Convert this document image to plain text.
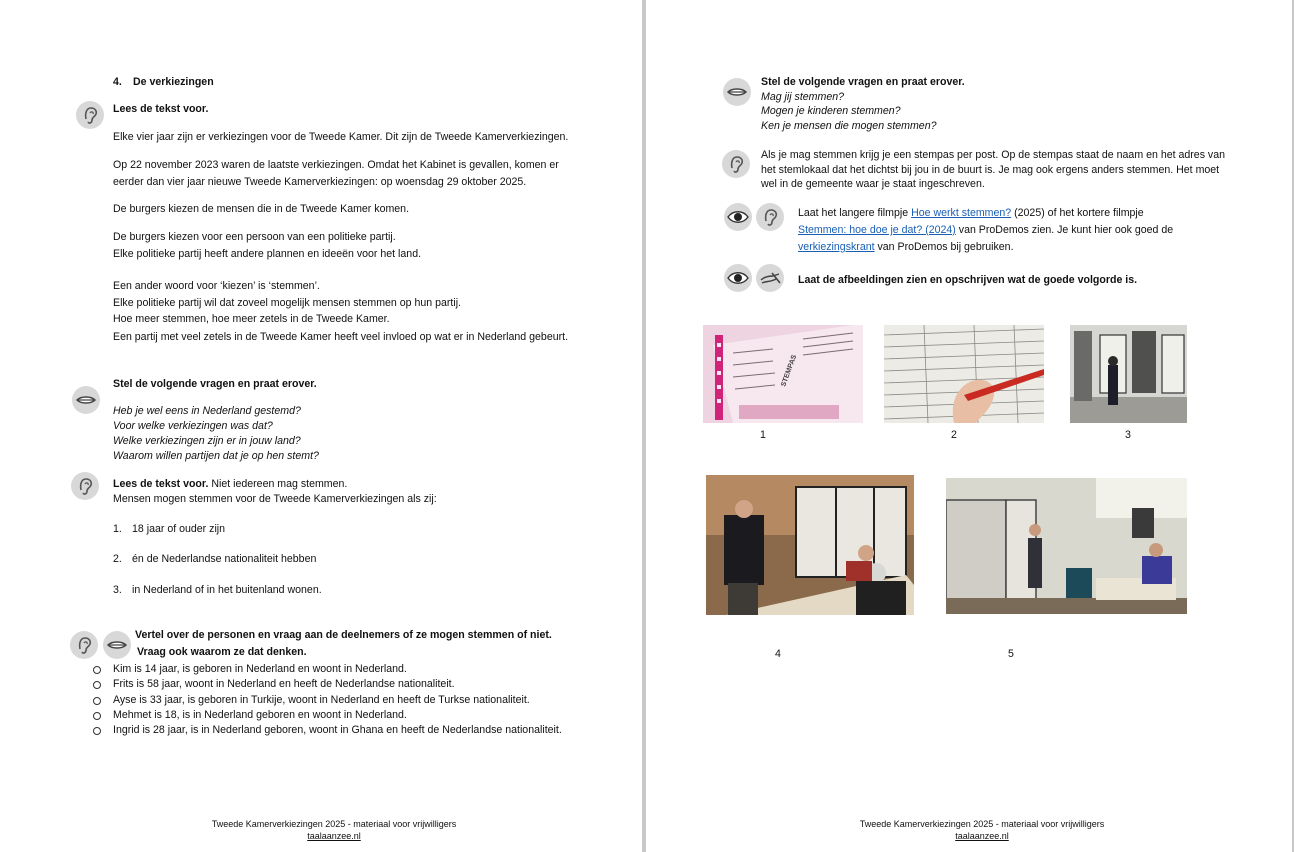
4. De verkiezingen
Lees de tekst voor.
Elke vier jaar zijn er verkiezingen voor de Tweede Kamer. Dit zijn de Tweede Kamerverkiezingen.
Op 22 november 2023 waren de laatste verkiezingen. Omdat het Kabinet is gevallen, komen er
eerder dan vier jaar nieuwe Tweede Kamerverkiezingen: op woensdag 29 oktober 2025.
De burgers kiezen de mensen die in de Tweede Kamer komen.
De burgers kiezen voor een persoon van een politieke partij.
Elke politieke partij heeft andere plannen en ideeën voor het land.
Een ander woord voor ‘kiezen’ is ‘stemmen’.
Elke politieke partij wil dat zoveel mogelijk mensen stemmen op hun partij.
Hoe meer stemmen, hoe meer zetels in de Tweede Kamer.
Een partij met veel zetels in de Tweede Kamer heeft veel invloed op wat er in Nederland gebeurt.
Stel de volgende vragen en praat erover.
Heb je wel eens in Nederland gestemd?
Voor welke verkiezingen was dat?
Welke verkiezingen zijn er in jouw land?
Waarom willen partijen dat je op hen stemt?
Lees de tekst voor. Niet iedereen mag stemmen.
Mensen mogen stemmen voor de Tweede Kamerverkiezingen als zij:
1. 18 jaar of ouder zijn
2. én de Nederlandse nationaliteit hebben
3. in Nederland of in het buitenland wonen.
Vertel over de personen en vraag aan de deelnemers of ze mogen stemmen of niet.
Vraag ook waarom ze dat denken.
Kim is 14 jaar, is geboren in Nederland en woont in Nederland.
Frits is 58 jaar, woont in Nederland en heeft de Nederlandse nationaliteit.
Ayse is 33 jaar, is geboren in Turkije, woont in Nederland en heeft de Turkse nationaliteit.
Mehmet is 18, is in Nederland geboren en woont in Nederland.
Ingrid is 28 jaar, is in Nederland geboren, woont in Ghana en heeft de Nederlandse nationaliteit.
Tweede Kamerverkiezingen 2025 - materiaal voor vrijwilligers
taalaanzee.nl
Stel de volgende vragen en praat erover.
Mag jij stemmen?
Mogen je kinderen stemmen?
Ken je mensen die mogen stemmen?
Als je mag stemmen krijg je een stempas per post. Op de stempas staat de naam en het adres van
het stemlokaal dat het dichtst bij jou in de buurt is. Je mag ook ergens anders stemmen. Het moet
wel in de gemeente waar je staat ingeschreven.
Laat het langere filmpje Hoe werkt stemmen? (2025) of het kortere filmpje
Stemmen: hoe doe je dat? (2024) van ProDemos zien. Je kunt hier ook goed de
verkiezingskrant van ProDemos bij gebruiken.
Laat de afbeeldingen zien en opschrijven wat de goede volgorde is.
STEMPAS
1	2	3
4	5
Tweede Kamerverkiezingen 2025 - materiaal voor vrijwilligers
taalaanzee.nl
